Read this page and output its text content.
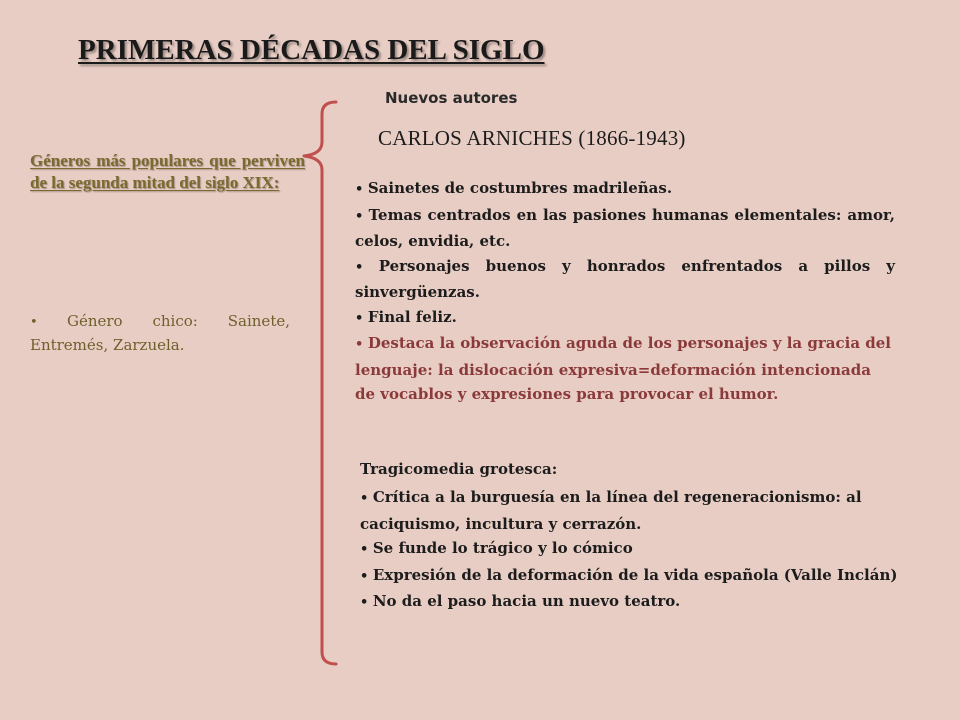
PRIMERAS DÉCADAS DEL SIGLO
Nuevos autores
CARLOS ARNICHES (1866-1943)

Géneros más populares que perviven de la segunda mitad del siglo XIX:

• Género chico: Sainete, Entremés, Zarzuela.
• Sainetes de costumbres madrileñas.
• Temas centrados en las pasiones humanas elementales: amor, celos, envidia, etc.
• Personajes buenos y honrados enfrentados a pillos y sinvergüenzas.
• Final feliz.
• Destaca la observación aguda de los personajes y la gracia del lenguaje: la dislocación expresiva=deformación intencionada de vocablos y expresiones para provocar el humor.
Tragicomedia grotesca:
• Crítica a la burguesía en la línea del regeneracionismo: al caciquismo, incultura y cerrazón.
• Se funde lo trágico y lo cómico
• Expresión de la deformación de la vida española (Valle Inclán)
• No da el paso hacia un nuevo teatro.
